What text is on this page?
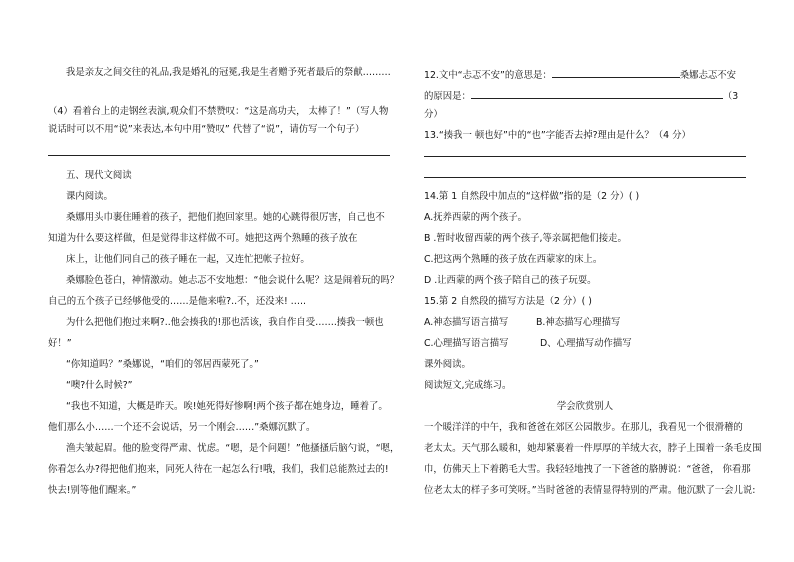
我是亲友之间交往的礼品,我是婚礼的冠冕,我是生者赠予死者最后的祭献………
（4）看着台上的走钢丝表演,观众们不禁赞叹：“这是高功夫， 太棒了！”（写人物
说话时可以不用“说”来表达,本句中用“赞叹” 代替了“说”，请仿写一个句子）
五、现代文阅读
课内阅读。
桑娜用头巾裹住睡着的孩子，把他们抱回家里。她的心跳得很厉害，自己也不
知道为什么要这样做，但是觉得非这样做不可。她把这两个熟睡的孩子放在
床上，让他们同自己的孩子睡在一起，又连忙把帐子拉好。
桑娜脸色苍白，神情激动。她忐忑不安地想：“他会说什么呢？这是闹着玩的吗？
自己的五个孩子已经够他受的……是他来啦?..不，还没来! …..
为什么把他们抱过来啊?..他会揍我的!那也活该，我自作自受…….揍我一顿也
好！”
“你知道吗？”桑娜说，“咱们的邻居西蒙死了。”
“噢?什么时候?”
“我也不知道，大概是昨天。唉!她死得好惨啊!两个孩子都在她身边，睡着了。
他们那么小……一个还不会说话，另一个刚会……”桑娜沉默了。
渔夫皱起眉。他的脸变得严肃、忧虑。“嗯，是个问题！”他搔搔后脑勺说，“嗯，
你看怎么办?得把他们抱来，同死人待在一起怎么行!哦，我们，我们总能熬过去的!
快去!别等他们醒来。”
12.文中“忐忑不安”的意思是：	桑娜忐忑不安
的原因是：	（3
分）
13.“揍我一 顿也好”中的“也”字能否去掉?理由是什么？（4 分）
14.第 1 自然段中加点的“这样做”指的是（2 分）( )
A.抚养西蒙的两个孩子。
B .暂时收留西蒙的两个孩子,等亲属把他们接走。
C.把这两个熟睡的孩子放在西蒙家的床上。
D .让西蒙的两个孩子陪自己的孩子玩耍。
15.第 2 自然段的描写方法是（2 分）( )
A.神态描写语言描写	B.神态描写心理描写
C.心理描写语言描写	D、心理描写动作描写
课外阅读。
阅读短文,完成练习。
学会欣赏别人
一个暖洋洋的中午，我和爸爸在郊区公园散步。在那儿，我看见一个很滑稽的
老太太。天气那么暖和，她却紧裹着一件厚厚的羊绒大衣，脖子上围着一条毛皮围
巾，仿佛天上下着鹅毛大雪。我轻轻地拽了一下爸爸的胳膊说：“爸爸， 你看那
位老太太的样子多可笑呀。”当时爸爸的表情显得特别的严肃。他沉默了一会儿说:
